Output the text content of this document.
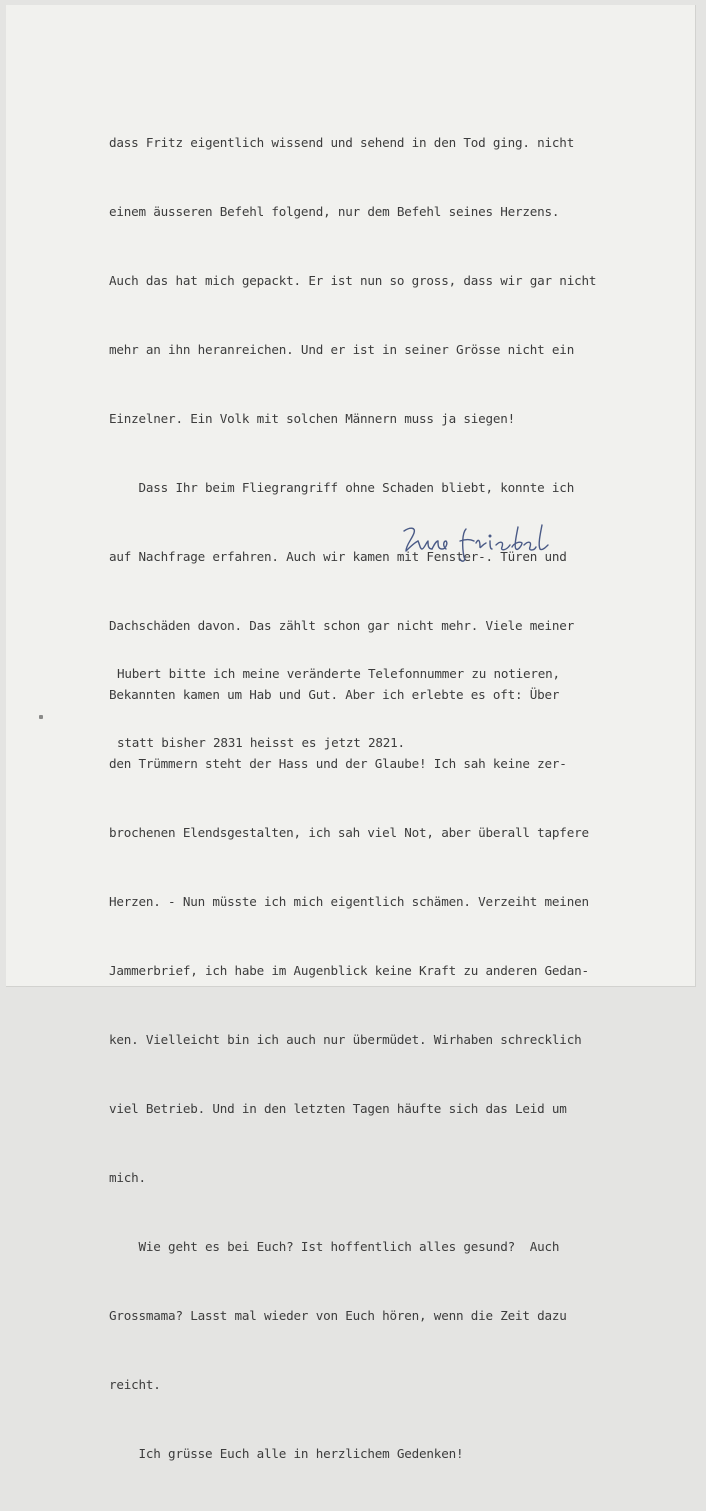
dass Fritz eigentlich wissend und sehend in den Tod ging. nicht

einem äusseren Befehl folgend, nur dem Befehl seines Herzens.

Auch das hat mich gepackt. Er ist nun so gross, dass wir gar nicht

mehr an ihn heranreichen. Und er ist in seiner Grösse nicht ein

Einzelner. Ein Volk mit solchen Männern muss ja siegen!

Dass Ihr beim Fliegrangriff ohne Schaden bliebt, konnte ich

auf Nachfrage erfahren. Auch wir kamen mit Fenster-. Türen und

Dachschäden davon. Das zählt schon gar nicht mehr. Viele meiner

Bekannten kamen um Hab und Gut. Aber ich erlebte es oft: Über

den Trümmern steht der Hass und der Glaube! Ich sah keine zer-

brochenen Elendsgestalten, ich sah viel Not, aber überall tapfere

Herzen. - Nun müsste ich mich eigentlich schämen. Verzeiht meinen

Jammerbrief, ich habe im Augenblick keine Kraft zu anderen Gedan-

ken. Vielleicht bin ich auch nur übermüdet. Wirhaben schrecklich

viel Betrieb. Und in den letzten Tagen häufte sich das Leid um

mich.

Wie geht es bei Euch? Ist hoffentlich alles gesund?  Auch

Grossmama? Lasst mal wieder von Euch hören, wenn die Zeit dazu

reicht.

Ich grüsse Euch alle in herzlichem Gedenken!

Hubert bitte ich meine veränderte Telefonnummer zu notieren,

statt bisher 2831 heisst es jetzt 2821.
